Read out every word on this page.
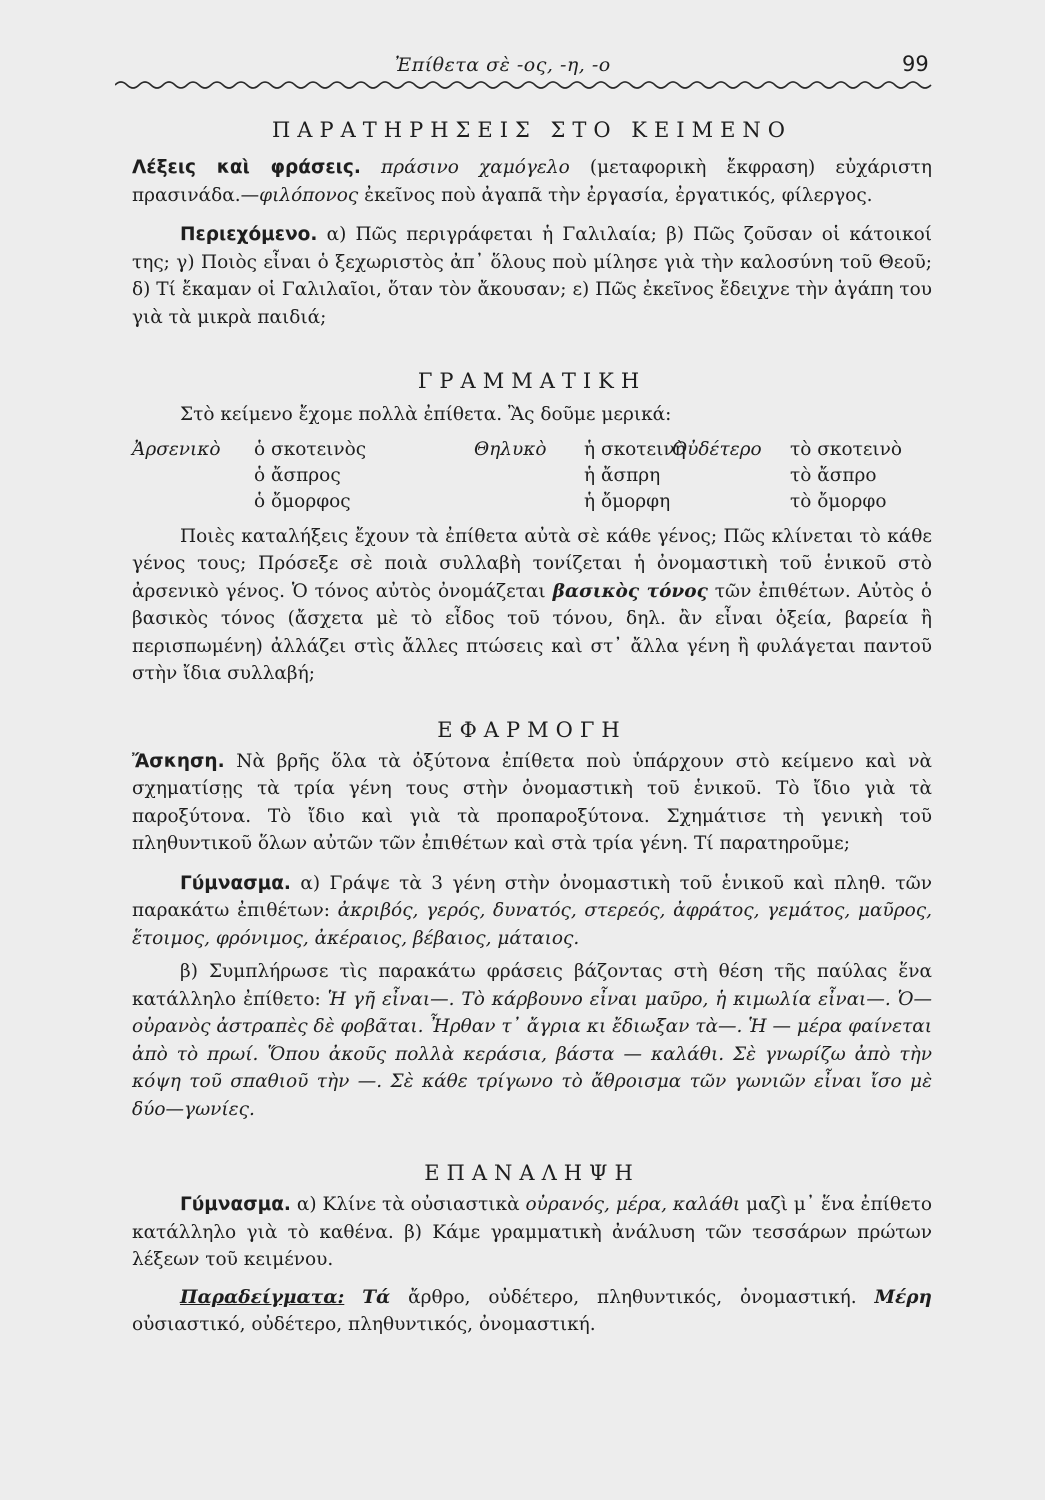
Ἐπίθετα σὲ -ος, -η, -ο	99
ΠΑΡΑΤΗΡΗΣΕΙΣ ΣΤΟ ΚΕΙΜΕΝΟ

Λέξεις καὶ φράσεις. πράσινο χαμόγελο (μεταφορικὴ ἔκφραση) εὐχάριστη πρασινάδα.—φιλόπονος ἐκεῖνος ποὺ ἀγαπᾶ τὴν ἐργασία, ἐργατικός, φίλεργος.

Περιεχόμενο. α) Πῶς περιγράφεται ἡ Γαλιλαία; β) Πῶς ζοῦσαν οἱ κάτοικοί της; γ) Ποιὸς εἶναι ὁ ξεχωριστὸς ἀπ᾽ ὅλους ποὺ μίλησε γιὰ τὴν καλοσύνη τοῦ Θεοῦ; δ) Τί ἔκαμαν οἱ Γαλιλαῖοι, ὅταν τὸν ἄκουσαν; ε) Πῶς ἐκεῖνος ἔδειχνε τὴν ἀγάπη του γιὰ τὰ μικρὰ παιδιά;

ΓΡΑΜΜΑΤΙΚΗ

Στὸ κείμενο ἔχομε πολλὰ ἐπίθετα. Ἂς δοῦμε μερικά:

Ἀρσενικὸ ὁ σκοτεινὸς
ὁ ἄσπρος
ὁ ὄμορφος
Θηλυκὸ ἡ σκοτεινὴ
ἡ ἄσπρη
ἡ ὄμορφη
Οὐδέτερο τὸ σκοτεινὸ
τὸ ἄσπρο
τὸ ὄμορφο

Ποιὲς καταλήξεις ἔχουν τὰ ἐπίθετα αὐτὰ σὲ κάθε γένος; Πῶς κλίνεται τὸ κάθε γένος τους; Πρόσεξε σὲ ποιὰ συλλαβὴ τονίζεται ἡ ὀνομαστικὴ τοῦ ἑνικοῦ στὸ ἀρσενικὸ γένος. Ὁ τόνος αὐτὸς ὀνομάζεται βασικὸς τόνος τῶν ἐπιθέτων. Αὐτὸς ὁ βασικὸς τόνος (ἄσχετα μὲ τὸ εἶδος τοῦ τόνου, δηλ. ἂν εἶναι ὀξεία, βαρεία ἢ περισπωμένη) ἀλλάζει στὶς ἄλλες πτώσεις καὶ στ᾽ ἄλλα γένη ἢ φυλάγεται παντοῦ στὴν ἴδια συλλαβή;

ΕΦΑΡΜΟΓΗ

Ἄσκηση. Νὰ βρῆς ὅλα τὰ ὀξύτονα ἐπίθετα ποὺ ὑπάρχουν στὸ κείμενο καὶ νὰ σχηματίσῃς τὰ τρία γένη τους στὴν ὀνομαστικὴ τοῦ ἑνικοῦ. Τὸ ἴδιο γιὰ τὰ παροξύτονα. Τὸ ἴδιο καὶ γιὰ τὰ προπαροξύτονα. Σχημάτισε τὴ γενικὴ τοῦ πληθυντικοῦ ὅλων αὐτῶν τῶν ἐπιθέτων καὶ στὰ τρία γένη. Τί παρατηροῦμε;

Γύμνασμα. α) Γράψε τὰ 3 γένη στὴν ὀνομαστικὴ τοῦ ἑνικοῦ καὶ πληθ. τῶν παρακάτω ἐπιθέτων: ἀκριβός, γερός, δυνατός, στερεός, ἀφράτος, γεμάτος, μαῦρος, ἕτοιμος, φρόνιμος, ἀκέραιος, βέβαιος, μάταιος.

β) Συμπλήρωσε τὶς παρακάτω φράσεις βάζοντας στὴ θέση τῆς παύλας ἕνα κατάλληλο ἐπίθετο: Ἡ γῆ εἶναι—. Τὸ κάρβουνο εἶναι μαῦρο, ἡ κιμωλία εἶναι—. Ὁ—οὐρανὸς ἀστραπὲς δὲ φοβᾶται. Ἦρθαν τ᾽ ἄγρια κι ἔδιωξαν τὰ—. Ἡ — μέρα φαίνεται ἀπὸ τὸ πρωί. Ὅπου ἀκοῦς πολλὰ κεράσια, βάστα — καλάθι. Σὲ γνωρίζω ἀπὸ τὴν κόψη τοῦ σπαθιοῦ τὴν —. Σὲ κάθε τρίγωνο τὸ ἄθροισμα τῶν γωνιῶν εἶναι ἴσο μὲ δύο—γωνίες.

ΕΠΑΝΑΛΗΨΗ

Γύμνασμα. α) Κλίνε τὰ οὐσιαστικὰ οὐρανός, μέρα, καλάθι μαζὶ μ᾽ ἕνα ἐπίθετο κατάλληλο γιὰ τὸ καθένα. β) Κάμε γραμματικὴ ἀνάλυση τῶν τεσσάρων πρώτων λέξεων τοῦ κειμένου.

Παραδείγματα: Τά ἄρθρο, οὐδέτερο, πληθυντικός, ὀνομαστική. Μέρη οὐσιαστικό, οὐδέτερο, πληθυντικός, ὀνομαστική.
